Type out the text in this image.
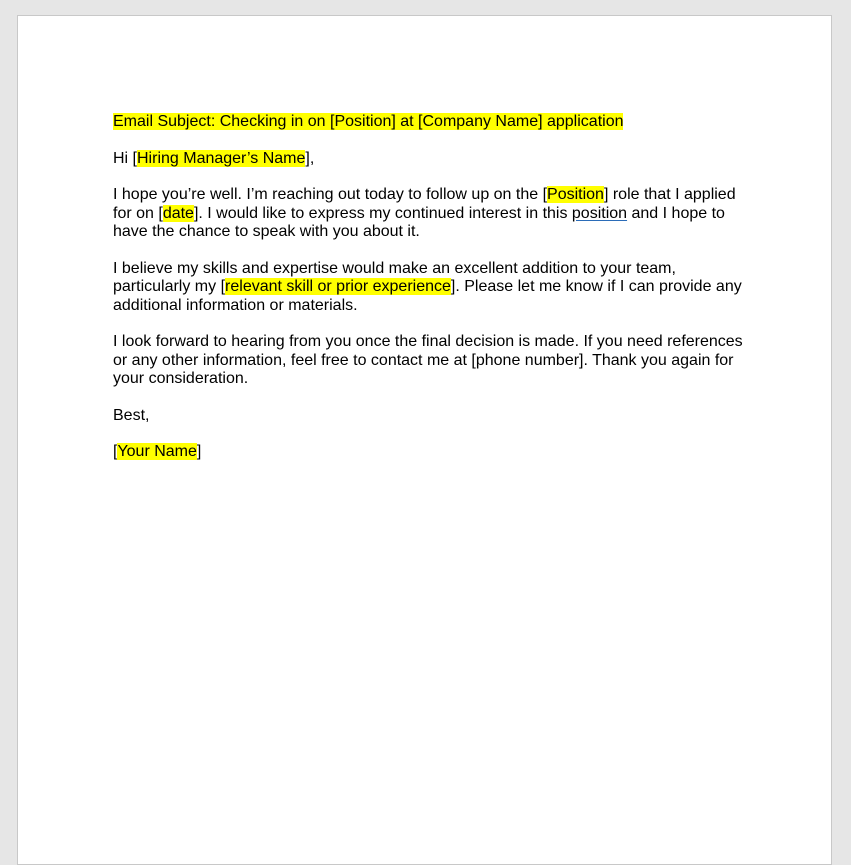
Email Subject: Checking in on [Position] at [Company Name] application

Hi [Hiring Manager’s Name],

I hope you’re well. I’m reaching out today to follow up on the [Position] role that I applied for on [date]. I would like to express my continued interest in this position and I hope to have the chance to speak with you about it.

I believe my skills and expertise would make an excellent addition to your team, particularly my [relevant skill or prior experience]. Please let me know if I can provide any additional information or materials.

I look forward to hearing from you once the final decision is made. If you need references or any other information, feel free to contact me at [phone number]. Thank you again for your consideration.

Best,

[Your Name]
